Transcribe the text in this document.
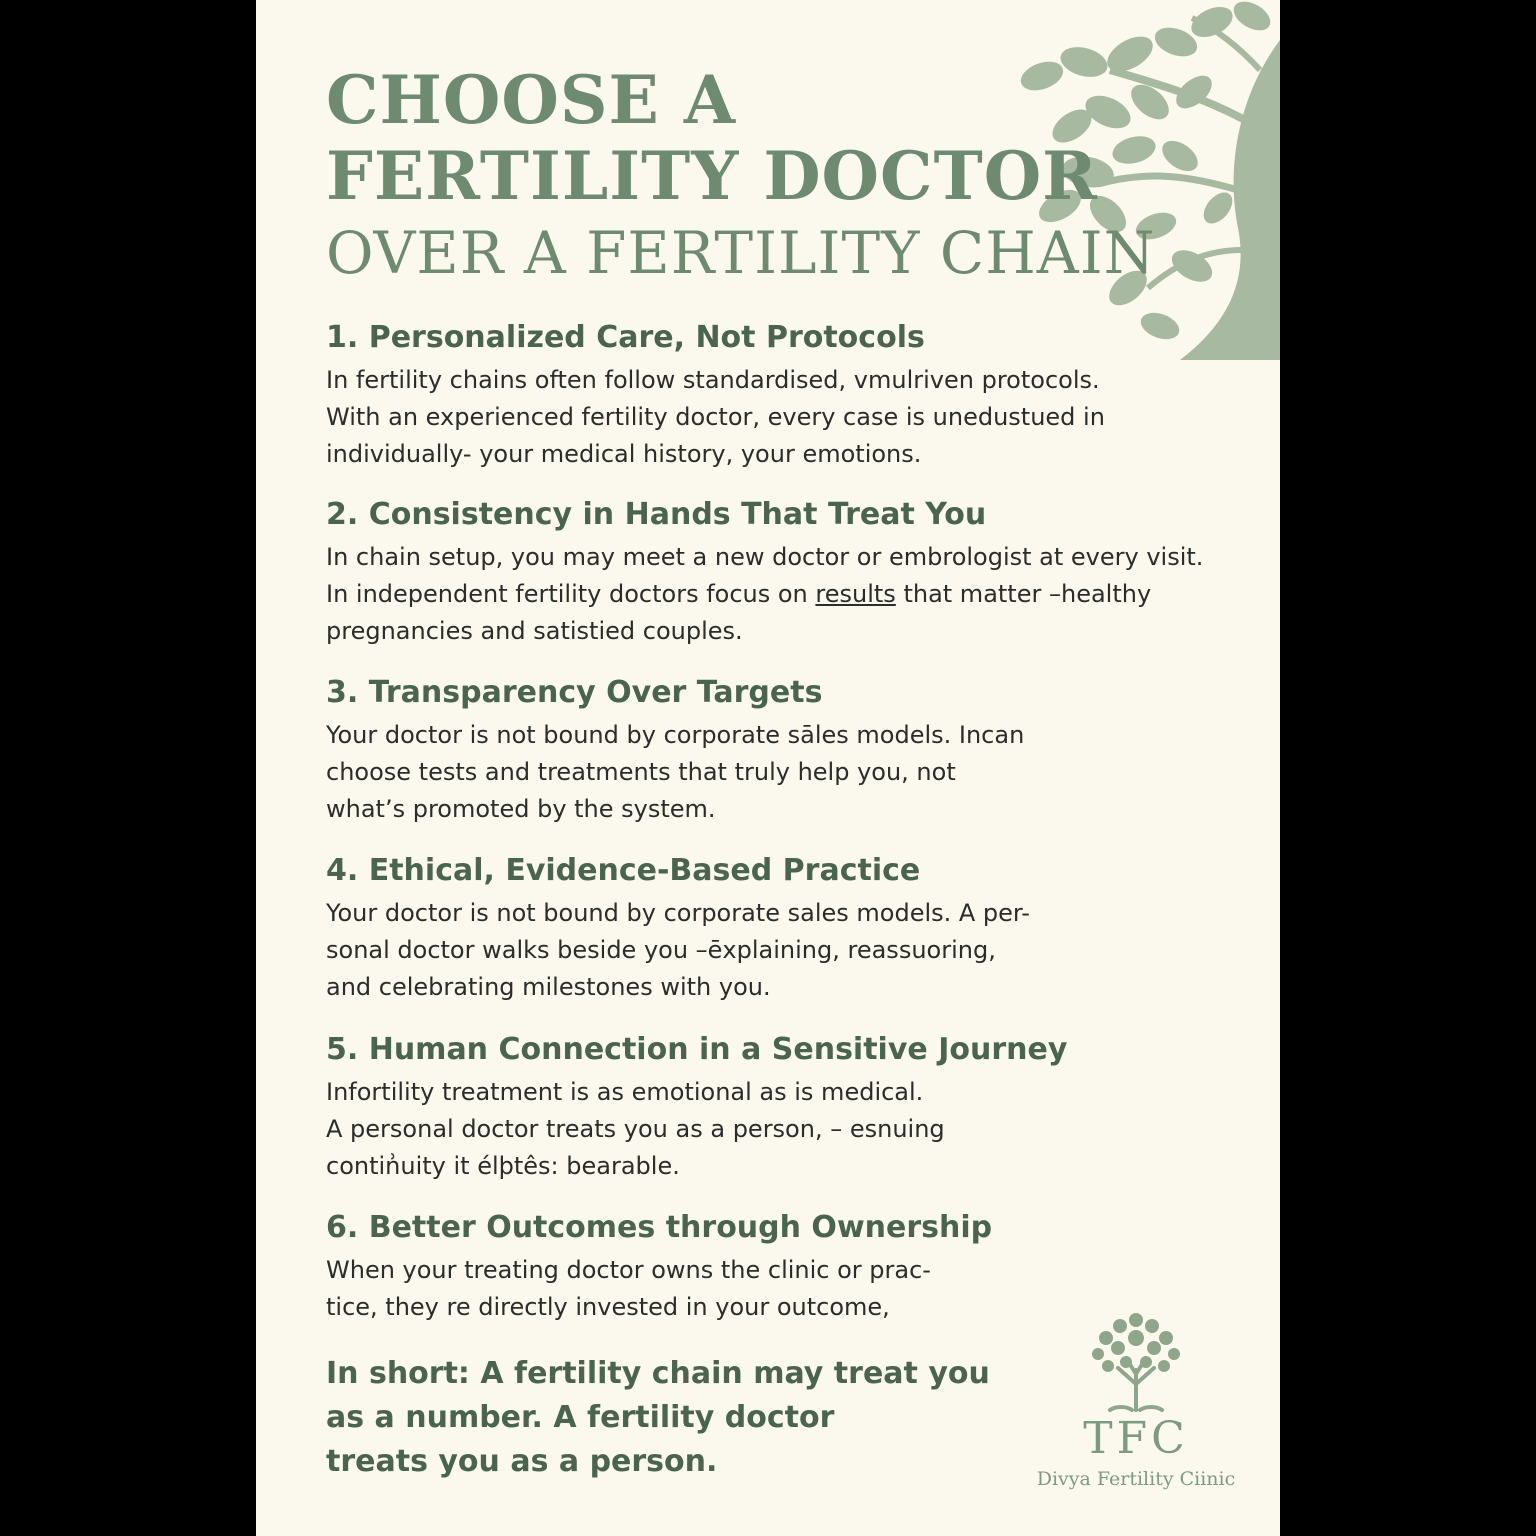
CHOOSE A
FERTILITY DOCTOR
OVER A FERTILITY CHAIN
1. Personalized Care, Not Protocols
In fertility chains often follow standardised, vmulriven protocols.
With an experienced fertility doctor, every case is unedustued in
individually- your medical history, your emotions.
2. Consistency in Hands That Treat You
In chain setup, you may meet a new doctor or embrologist at every visit.
In independent fertility doctors focus on results that matter –healthy
pregnancies and satistied couples.
3. Transparency Over Targets
Your doctor is not bound by corporate sāles models. Incan
choose tests and treatments that truly help you, not
what’s promoted by the system.
4. Ethical, Evidence-Based Practice
Your doctor is not bound by corporate sales models. A per-
sonal doctor walks beside you –ēxplaining, reassuoring,
and celebrating milestones with you.
5. Human Connection in a Sensitive Journey
Infortility treatment is as emotional as is medical.
A personal doctor treats you as a person, – esnuing
contin͗uity it élþtês: bearable.
6. Better Outcomes through Ownership
When your treating doctor owns the clinic or prac-
tice, they re directly invested in your outcome,

In short: A fertility chain may treat you
as a number. A fertility doctor
treats you as a person.	TFC
Divya Fertility Ciinic
